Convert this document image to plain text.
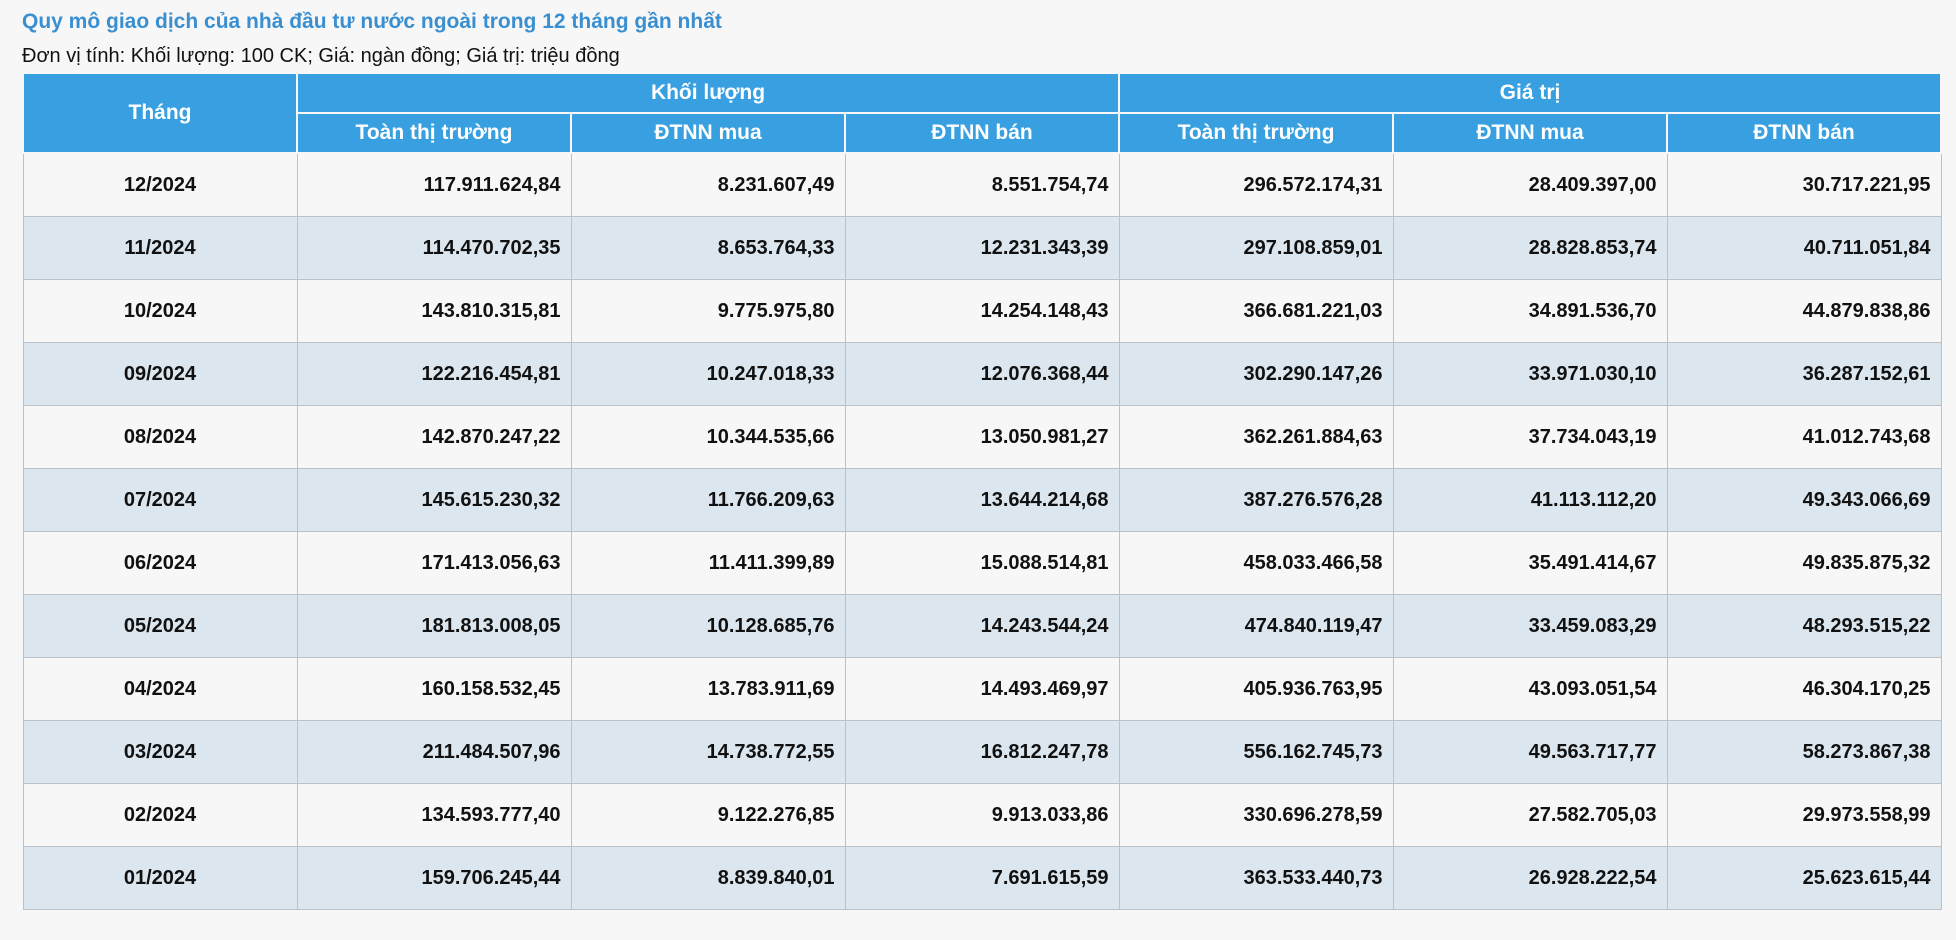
Quy mô giao dịch của nhà đầu tư nước ngoài trong 12 tháng gần nhất
Đơn vị tính: Khối lượng: 100 CK; Giá: ngàn đồng; Giá trị: triệu đồng
Tháng	Khối lượng			Giá trị		
	Toàn thị trường	ĐTNN mua	ĐTNN bán	Toàn thị trường	ĐTNN mua	ĐTNN bán
12/2024	117.911.624,84	8.231.607,49	8.551.754,74	296.572.174,31	28.409.397,00	30.717.221,95
11/2024	114.470.702,35	8.653.764,33	12.231.343,39	297.108.859,01	28.828.853,74	40.711.051,84
10/2024	143.810.315,81	9.775.975,80	14.254.148,43	366.681.221,03	34.891.536,70	44.879.838,86
09/2024	122.216.454,81	10.247.018,33	12.076.368,44	302.290.147,26	33.971.030,10	36.287.152,61
08/2024	142.870.247,22	10.344.535,66	13.050.981,27	362.261.884,63	37.734.043,19	41.012.743,68
07/2024	145.615.230,32	11.766.209,63	13.644.214,68	387.276.576,28	41.113.112,20	49.343.066,69
06/2024	171.413.056,63	11.411.399,89	15.088.514,81	458.033.466,58	35.491.414,67	49.835.875,32
05/2024	181.813.008,05	10.128.685,76	14.243.544,24	474.840.119,47	33.459.083,29	48.293.515,22
04/2024	160.158.532,45	13.783.911,69	14.493.469,97	405.936.763,95	43.093.051,54	46.304.170,25
03/2024	211.484.507,96	14.738.772,55	16.812.247,78	556.162.745,73	49.563.717,77	58.273.867,38
02/2024	134.593.777,40	9.122.276,85	9.913.033,86	330.696.278,59	27.582.705,03	29.973.558,99
01/2024	159.706.245,44	8.839.840,01	7.691.615,59	363.533.440,73	26.928.222,54	25.623.615,44
